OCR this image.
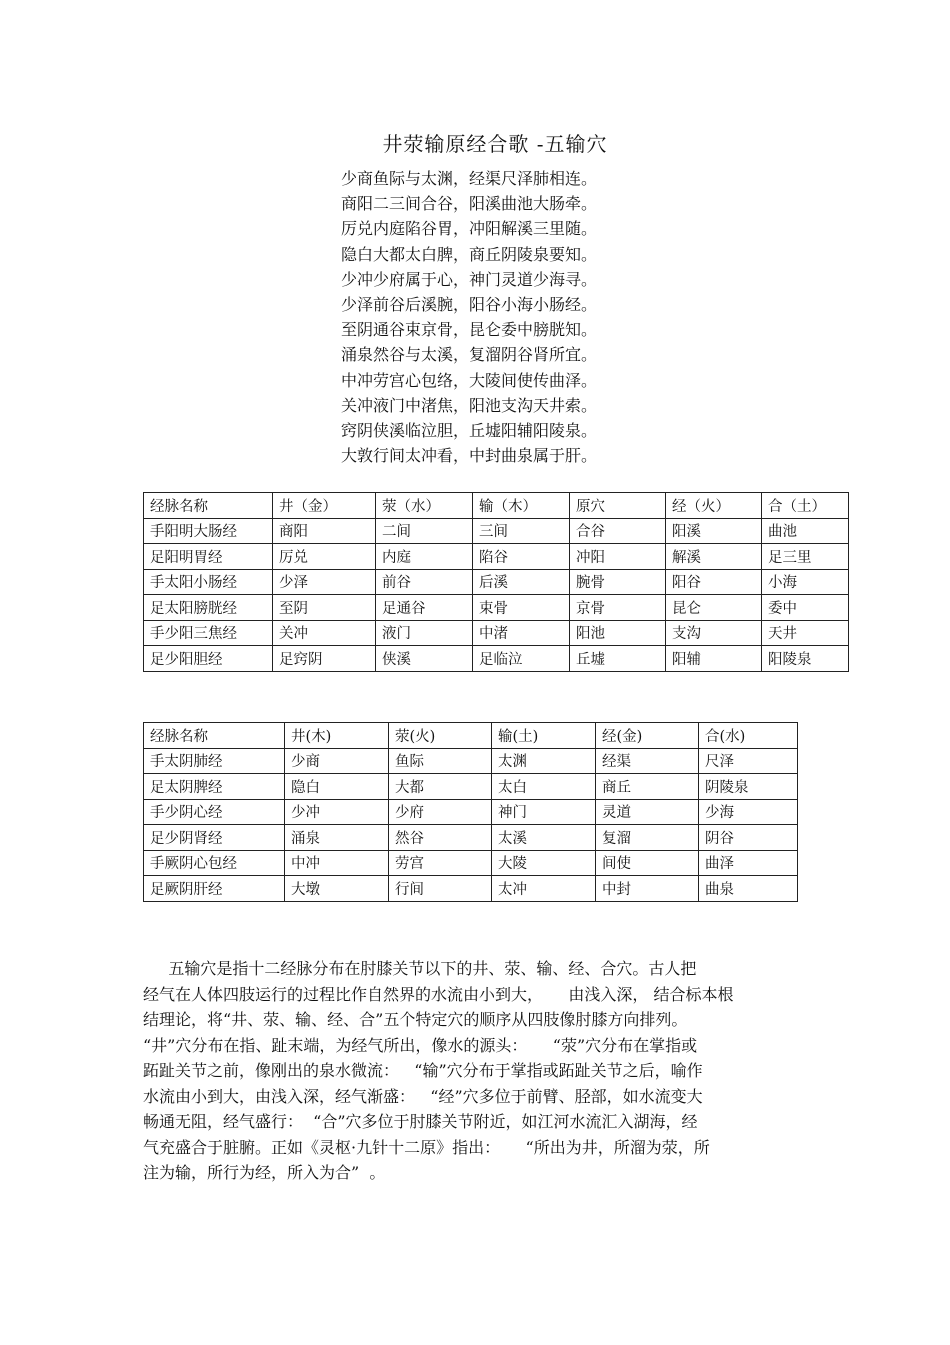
井荥输原经合歌 -五输穴
少商鱼际与太渊，经渠尺泽肺相连。
商阳二三间合谷，阳溪曲池大肠牵。
厉兑内庭陷谷胃，冲阳解溪三里随。
隐白大都太白脾，商丘阴陵泉要知。
少冲少府属于心，神门灵道少海寻。
少泽前谷后溪腕，阳谷小海小肠经。
至阴通谷束京骨，昆仑委中膀胱知。
涌泉然谷与太溪，复溜阴谷肾所宜。
中冲劳宫心包络，大陵间使传曲泽。
关冲液门中渚焦，阳池支沟天井索。
窍阴侠溪临泣胆，丘墟阳辅阳陵泉。
大敦行间太冲看，中封曲泉属于肝。
经脉名称	井（金）	荥（水）	输（木）	原穴	经（火）	合（土）
手阳明大肠经	商阳	二间	三间	合谷	阳溪	曲池
足阳明胃经	厉兑	内庭	陷谷	冲阳	解溪	足三里
手太阳小肠经	少泽	前谷	后溪	腕骨	阳谷	小海
足太阳膀胱经	至阴	足通谷	束骨	京骨	昆仑	委中
手少阳三焦经	关冲	液门	中渚	阳池	支沟	天井
足少阳胆经	足窍阴	侠溪	足临泣	丘墟	阳辅	阳陵泉
经脉名称	井(木)	荥(火)	输(土)	经(金)	合(水)
手太阴肺经	少商	鱼际	太渊	经渠	尺泽
足太阴脾经	隐白	大都	太白	商丘	阴陵泉
手少阴心经	少冲	少府	神门	灵道	少海
足少阴肾经	涌泉	然谷	太溪	复溜	阴谷
手厥阴心包经	中冲	劳宫	大陵	间使	曲泽
足厥阴肝经	大墩	行间	太冲	中封	曲泉
五输穴是指十二经脉分布在肘膝关节以下的井、荥、输、经、合穴。古人把
经气在人体四肢运行的过程比作自然界的水流由小到大，     由浅入深， 结合标本根
结理论，将“井、荥、输、经、合”五个特定穴的顺序从四肢像肘膝方向排列。
“井”穴分布在指、趾末端，为经气所出，像水的源头：     “荥”穴分布在掌指或
跖趾关节之前，像刚出的泉水微流：   “输”穴分布于掌指或跖趾关节之后，喻作
水流由小到大，由浅入深，经气渐盛：   “经”穴多位于前臂、胫部，如水流变大
畅通无阻，经气盛行：  “合”穴多位于肘膝关节附近，如江河水流汇入湖海，经
气充盛合于脏腑。正如《灵枢·九针十二原》指出：     “所出为井，所溜为荥，所
注为输，所行为经，所入为合”  。
